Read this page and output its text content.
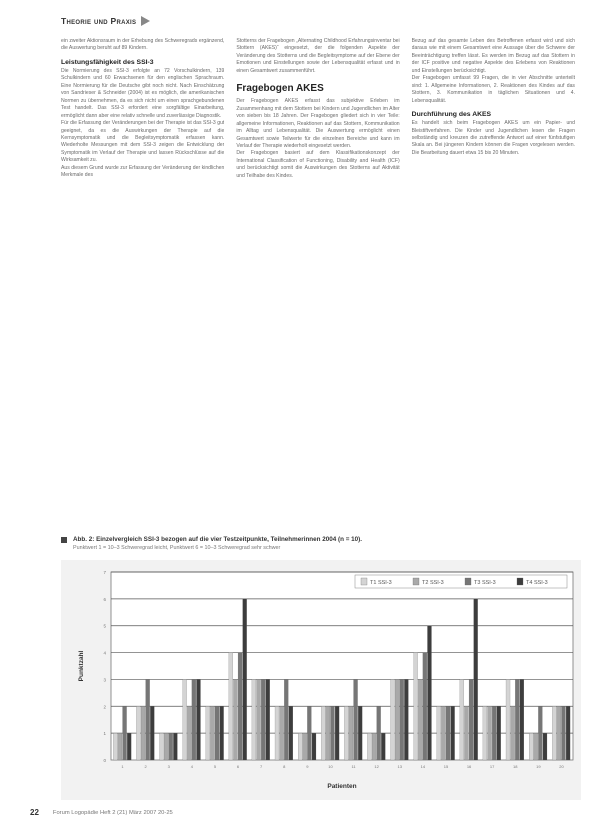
Theorie und Praxis

ein zweiter Aktionsraum in der Erhebung des Schweregrads ergänzend, die Auswertung beruht auf 89 Kindern.

Leistungsfähigkeit des SSI-3

Die Normierung des SSI-3 erfolgte an 72 Vorschulkindern, 139 Schulkindern und 60 Erwachsenen für den englischen Sprachraum. Eine Normierung für die Deutsche gibt noch nicht. Nach Einschätzung von Sandrieser & Schneider (2004) ist es möglich, die amerikanischen Normen zu übernehmen, da es sich nicht um einen sprachgebundenen Test handelt. Das SSI-3 erfordert eine sorgfältige Einarbeitung, ermöglicht dann aber eine relativ schnelle und zuverlässige Diagnostik.

Für die Erfassung der Veränderungen bei der Therapie ist das SSI-3 gut geeignet, da es die Auswirkungen der Therapie auf die Kernsymptomatik und die Begleitsymptomatik erfassen kann. Wiederholte Messungen mit dem SSI-3 zeigen die Entwicklung der Symptomatik im Verlauf der Therapie und lassen Rückschlüsse auf die Wirksamkeit zu.

Aus diesem Grund wurde zur Erfassung der Veränderung der kindlichen Merkmale des

Stotterns der Fragebogen „Alternating Childhood Erfahrungsinventar bei Stottern (AKES)“ eingesetzt, der die folgenden Aspekte der Veränderung des Stotterns und die Begleitsymptome auf der Ebene der Emotionen und Einstellungen sowie der Lebensqualität erfasst und in einen Gesamtwert zusammenführt.

Fragebogen AKES

Der Fragebogen AKES erfasst das subjektive Erleben im Zusammenhang mit dem Stottern bei Kindern und Jugendlichen im Alter von sieben bis 18 Jahren. Der Fragebogen gliedert sich in vier Teile: allgemeine Informationen, Reaktionen auf das Stottern, Kommunikation im Alltag und Lebensqualität. Die Auswertung ermöglicht einen Gesamtwert sowie Teilwerte für die einzelnen Bereiche und kann im Verlauf der Therapie wiederholt eingesetzt werden.

Der Fragebogen basiert auf dem Klassifikationskonzept der International Classification of Functioning, Disability and Health (ICF) und berücksichtigt somit die Auswirkungen des Stotterns auf Aktivität und Teilhabe des Kindes.

Bezug auf das gesamte Leben des Betroffenen erfasst wird und sich daraus wie mit einem Gesamtwert eine Aussage über die Schwere der Beeinträchtigung treffen lässt. Es werden im Bezug auf das Stottern in der ICF positive und negative Aspekte des Erlebens von Reaktionen und Einstellungen berücksichtigt.

Der Fragebogen umfasst 99 Fragen, die in vier Abschnitte unterteilt sind: 1. Allgemeine Informationen, 2. Reaktionen des Kindes auf das Stottern, 3. Kommunikation in täglichen Situationen und 4. Lebensqualität.

Durchführung des AKES

Es handelt sich beim Fragebogen AKES um ein Papier- und Bleistiftverfahren. Die Kinder und Jugendlichen lesen die Fragen selbständig und kreuzen die zutreffende Antwort auf einer fünfstufigen Skala an. Bei jüngeren Kindern können die Fragen vorgelesen werden. Die Bearbeitung dauert etwa 15 bis 20 Minuten.

Abb. 2: Einzelvergleich SSI-3 bezogen auf die vier Testzeitpunkte, Teilnehmerinnen 2004 (n = 10).
Punktwert 1 = 10–3 Schweregrad leicht, Punktwert 6 = 10–3 Schweregrad sehr schwer
0
1
2
3
4
5
6
7
1	2	3	4	5	6	7	8	9	10	11	12	13	14	15	16	17	18	19	20
Patienten
Punktzahl
T1 SSI-3	T2 SSI-3	T3 SSI-3	T4 SSI-3
22 Forum Logopädie Heft 2 (21) März 2007 20-25
